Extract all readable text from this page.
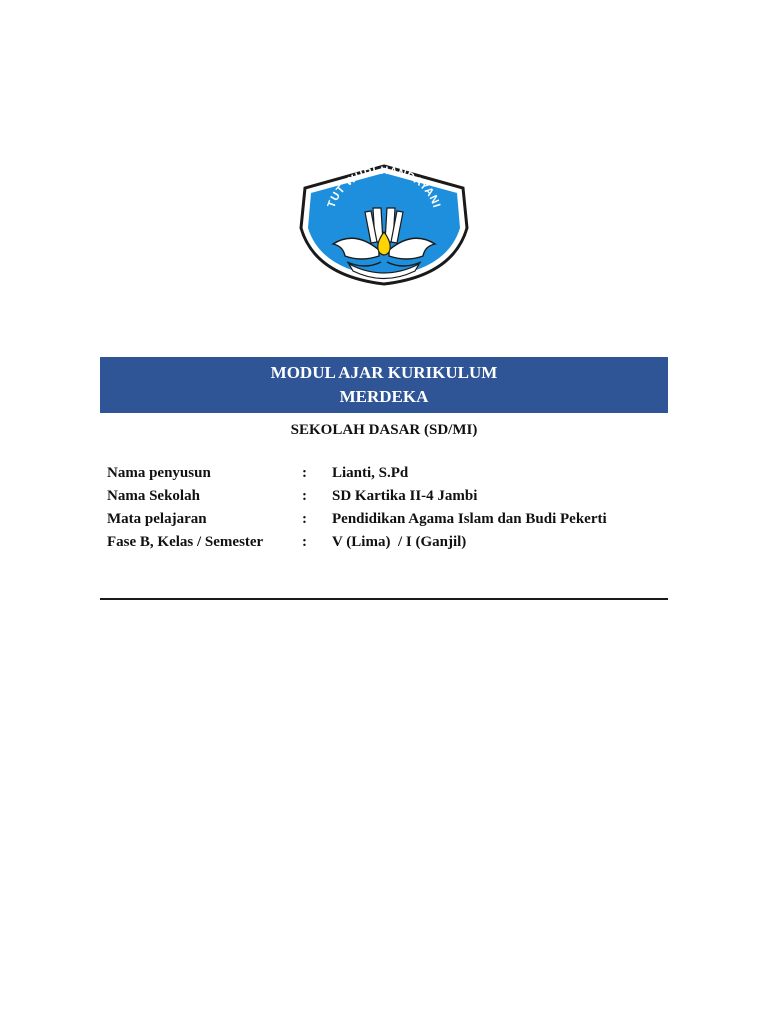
TUT WURI HANDAYANI
MODUL AJAR KURIKULUM
MERDEKA
SEKOLAH DASAR (SD/MI)
Nama penyusun	:	Lianti, S.Pd
Nama Sekolah	:	SD Kartika II-4 Jambi
Mata pelajaran	:	Pendidikan Agama Islam dan Budi Pekerti
Fase B, Kelas / Semester	:	V (Lima)  / I (Ganjil)
